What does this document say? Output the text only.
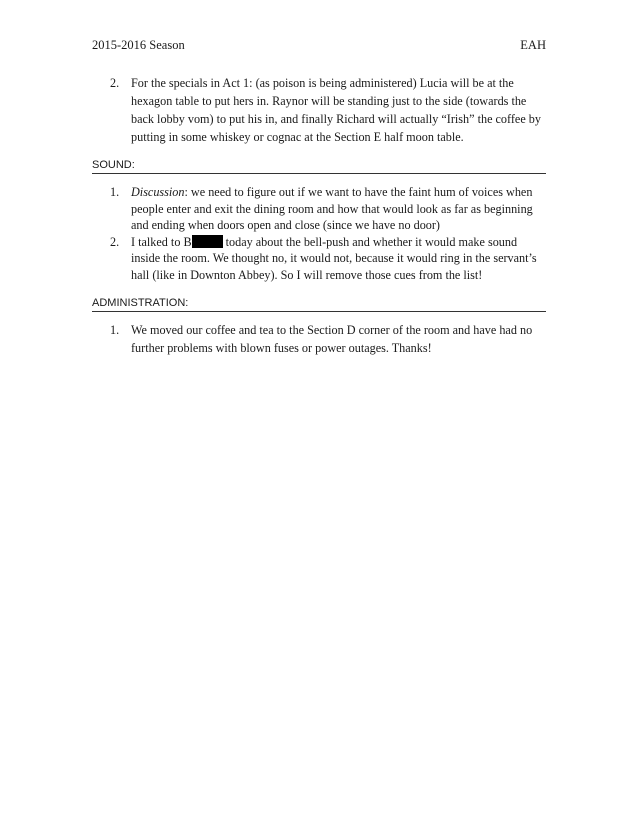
2015-2016 Season	EAH
2. For the specials in Act 1: (as poison is being administered) Lucia will be at the hexagon table to put hers in. Raynor will be standing just to the side (towards the back lobby vom) to put his in, and finally Richard will actually “Irish” the coffee by putting in some whiskey or cognac at the Section E half moon table.
SOUND:
1. Discussion: we need to figure out if we want to have the faint hum of voices when people enter and exit the dining room and how that would look as far as beginning and ending when doors open and close (since we have no door)
2. I talked to B	today about the bell-push and whether it would make sound inside the room. We thought no, it would not, because it would ring in the servant’s hall (like in Downton Abbey). So I will remove those cues from the list!
ADMINISTRATION:
1. We moved our coffee and tea to the Section D corner of the room and have had no further problems with blown fuses or power outages. Thanks!
